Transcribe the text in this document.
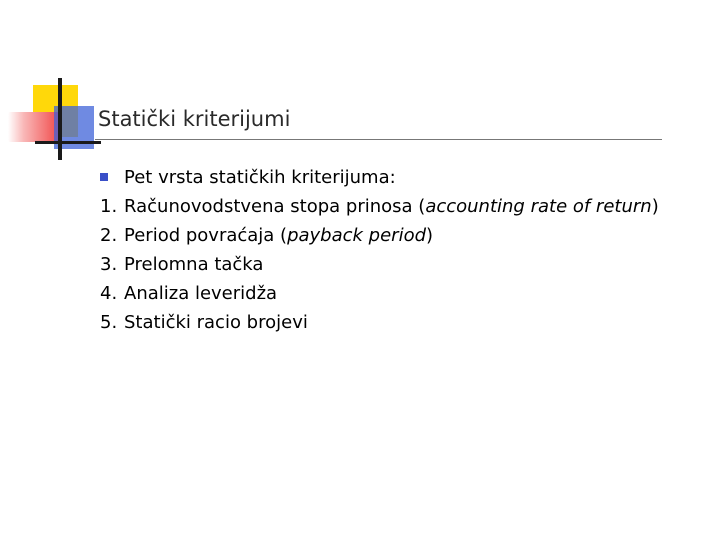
Statički kriterijumi
Pet vrsta statičkih kriterijuma:
1. Računovodstvena stopa prinosa (accounting rate of return)
2. Period povraćaja (payback period)
3. Prelomna tačka
4. Analiza leveridža
5. Statički racio brojevi
